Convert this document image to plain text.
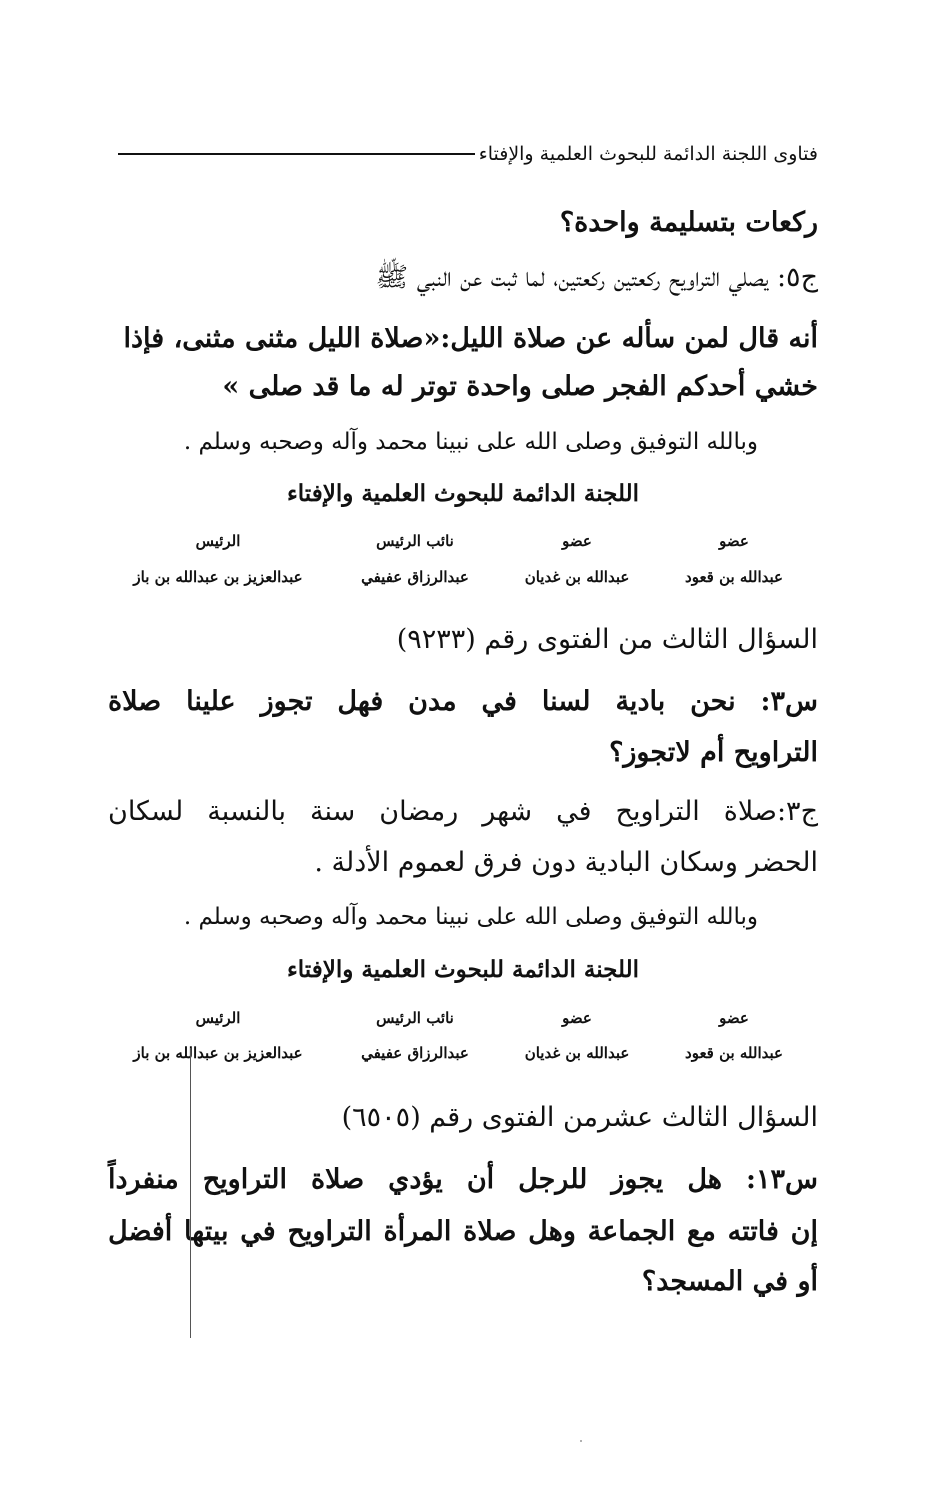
فتاوى اللجنة الدائمة للبحوث العلمية والإفتاء
ركعات بتسليمة واحدة؟
ج٥: يصلي التراويح ركعتين ركعتين، لما ثبت عن النبي ﷺ
أنه قال لمن سأله عن صلاة الليل:«صلاة الليل مثنى مثنى، فإذا
خشي أحدكم الفجر صلى واحدة توتر له ما قد صلى »
وبالله التوفيق وصلى الله على نبينا محمد وآله وصحبه وسلم .
اللجنة الدائمة للبحوث العلمية والإفتاء
عضو
عضو
نائب الرئيس
الرئيس
عبدالله بن قعود
عبدالله بن غديان
عبدالرزاق عفيفي
عبدالعزيز بن عبدالله بن باز
السؤال الثالث من الفتوى رقم (٩٢٣٣)
س٣: نحن بادية لسنا في مدن فهل تجوز علينا صلاة
التراويح أم لاتجوز؟
ج٣:صلاة التراويح في شهر رمضان سنة بالنسبة لسكان
الحضر وسكان البادية دون فرق لعموم الأدلة .
وبالله التوفيق وصلى الله على نبينا محمد وآله وصحبه وسلم .
اللجنة الدائمة للبحوث العلمية والإفتاء
عضو
عضو
نائب الرئيس
الرئيس
عبدالله بن قعود
عبدالله بن غديان
عبدالرزاق عفيفي
عبدالعزيز بن عبدالله بن باز
السؤال الثالث عشرمن الفتوى رقم (٦٥٠٥)
س١٣: هل يجوز للرجل أن يؤدي صلاة التراويح منفرداً
إن فاتته مع الجماعة وهل صلاة المرأة التراويح في بيتها أفضل
أو في المسجد؟
